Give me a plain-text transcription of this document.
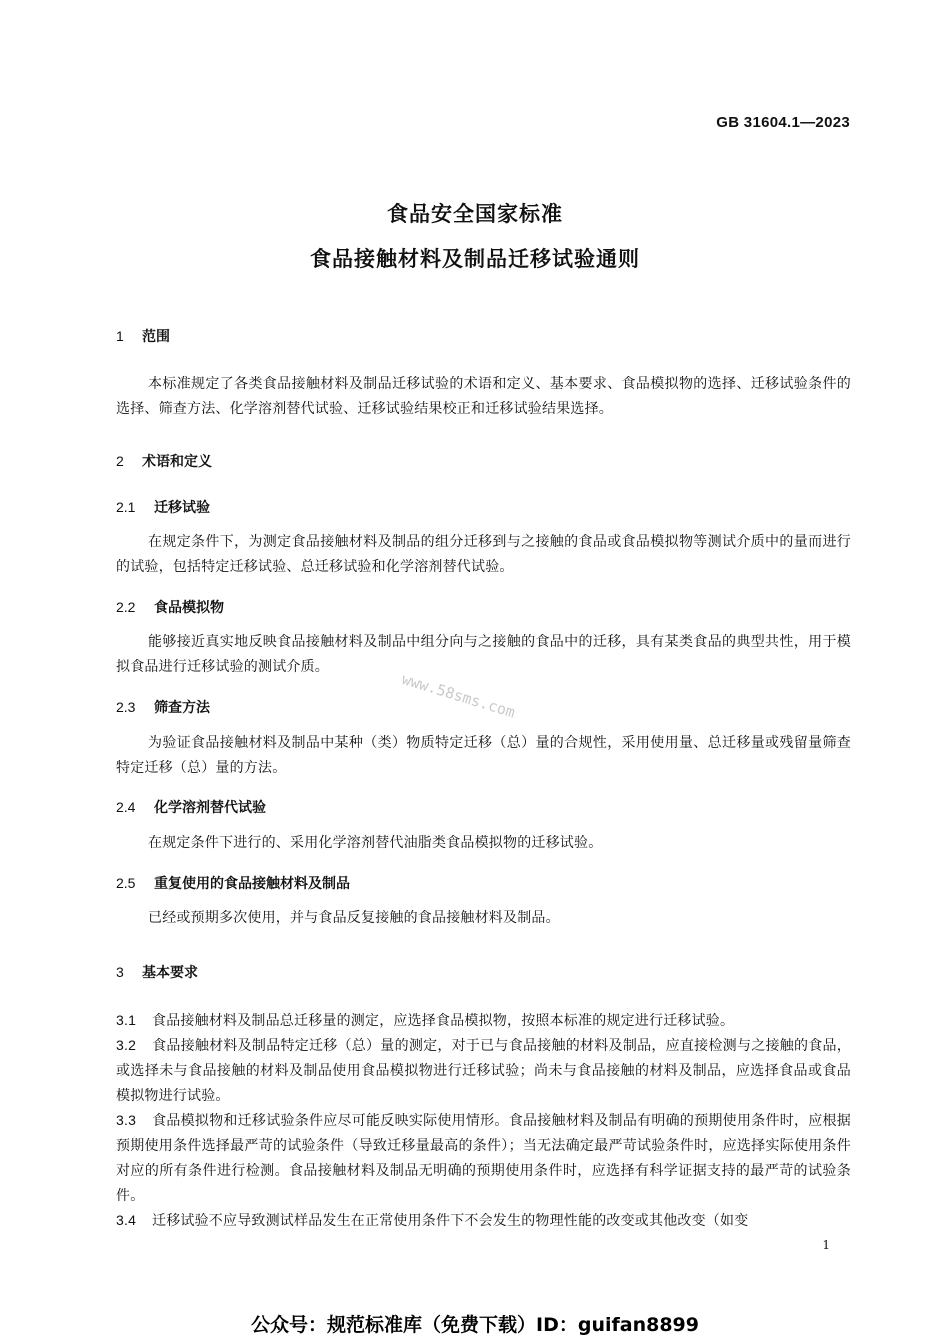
GB 31604.1—2023
食品安全国家标准
食品接触材料及制品迁移试验通则
1 范围
本标准规定了各类食品接触材料及制品迁移试验的术语和定义、基本要求、食品模拟物的选择、迁移试验条件的选择、筛查方法、化学溶剂替代试验、迁移试验结果校正和迁移试验结果选择。
2 术语和定义
2.1 迁移试验
在规定条件下，为测定食品接触材料及制品的组分迁移到与之接触的食品或食品模拟物等测试介质中的量而进行的试验，包括特定迁移试验、总迁移试验和化学溶剂替代试验。
2.2 食品模拟物
能够接近真实地反映食品接触材料及制品中组分向与之接触的食品中的迁移，具有某类食品的典型共性，用于模拟食品进行迁移试验的测试介质。
2.3 筛查方法
为验证食品接触材料及制品中某种（类）物质特定迁移（总）量的合规性，采用使用量、总迁移量或残留量筛查特定迁移（总）量的方法。
2.4 化学溶剂替代试验
在规定条件下进行的、采用化学溶剂替代油脂类食品模拟物的迁移试验。
2.5 重复使用的食品接触材料及制品
已经或预期多次使用，并与食品反复接触的食品接触材料及制品。
3 基本要求
3.1 食品接触材料及制品总迁移量的测定，应选择食品模拟物，按照本标准的规定进行迁移试验。
3.2 食品接触材料及制品特定迁移（总）量的测定，对于已与食品接触的材料及制品，应直接检测与之接触的食品，或选择未与食品接触的材料及制品使用食品模拟物进行迁移试验；尚未与食品接触的材料及制品，应选择食品或食品模拟物进行试验。
3.3 食品模拟物和迁移试验条件应尽可能反映实际使用情形。食品接触材料及制品有明确的预期使用条件时，应根据预期使用条件选择最严苛的试验条件（导致迁移量最高的条件）；当无法确定最严苛试验条件时，应选择实际使用条件对应的所有条件进行检测。食品接触材料及制品无明确的预期使用条件时，应选择有科学证据支持的最严苛的试验条件。
3.4 迁移试验不应导致测试样品发生在正常使用条件下不会发生的物理性能的改变或其他改变（如变
www.58sms.com
1
公众号：规范标准库（免费下载）ID：guifan8899
